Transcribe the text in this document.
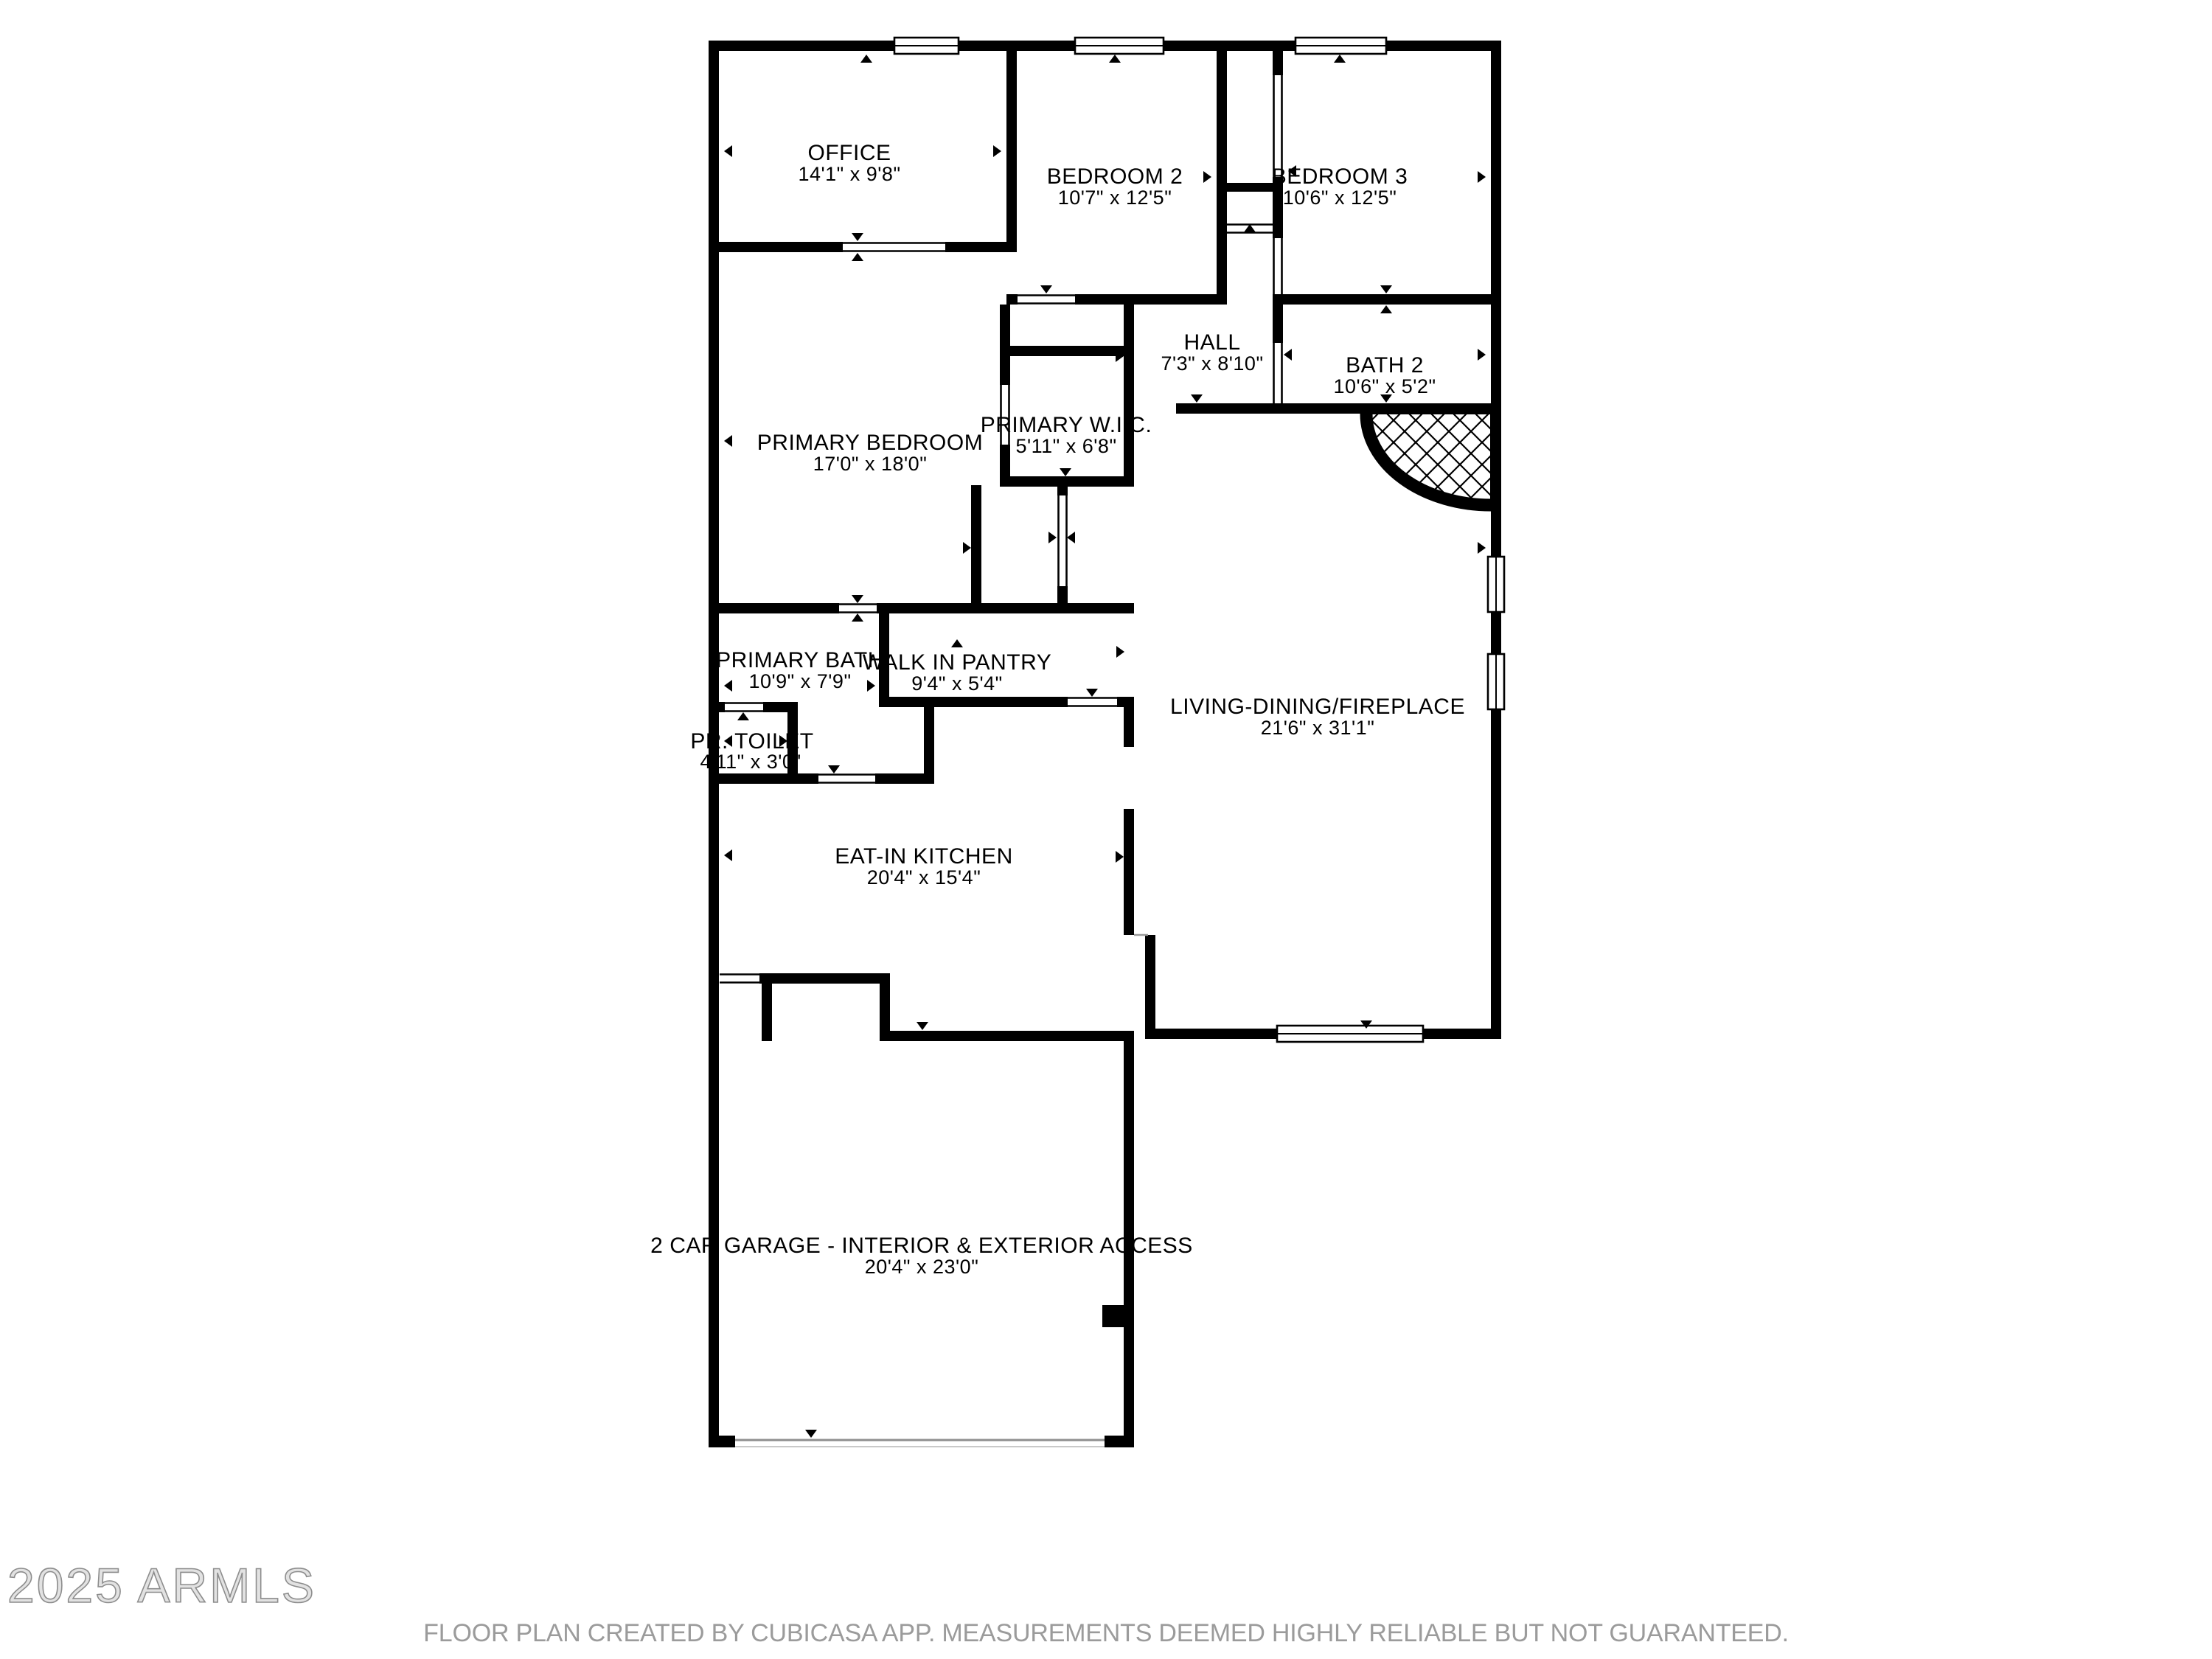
OFFICE
14'1" x 9'8"	BEDROOM 2
10'7" x 12'5"
BEDROOM 3
10'6" x 12'5"
HALL
7'3" x 8'10"	BATH 2
10'6" x 5'2"
PRIMARY BEDROOM
17'0" x 18'0"
PRIMARY W.I.C.
5'11" x 6'8"
PRIMARY BATH
10'9" x 7'9"
WALK IN PANTRY
9'4" x 5'4"
PR. TOILET
4'11" x 3'0"
LIVING-DINING/FIREPLACE
21'6" x 31'1"
EAT-IN KITCHEN
20'4" x 15'4"
2 CAR GARAGE - INTERIOR & EXTERIOR ACCESS
20'4" x 23'0"
2025 ARMLS
FLOOR PLAN CREATED BY CUBICASA APP. MEASUREMENTS DEEMED HIGHLY RELIABLE BUT NOT GUARANTEED.
